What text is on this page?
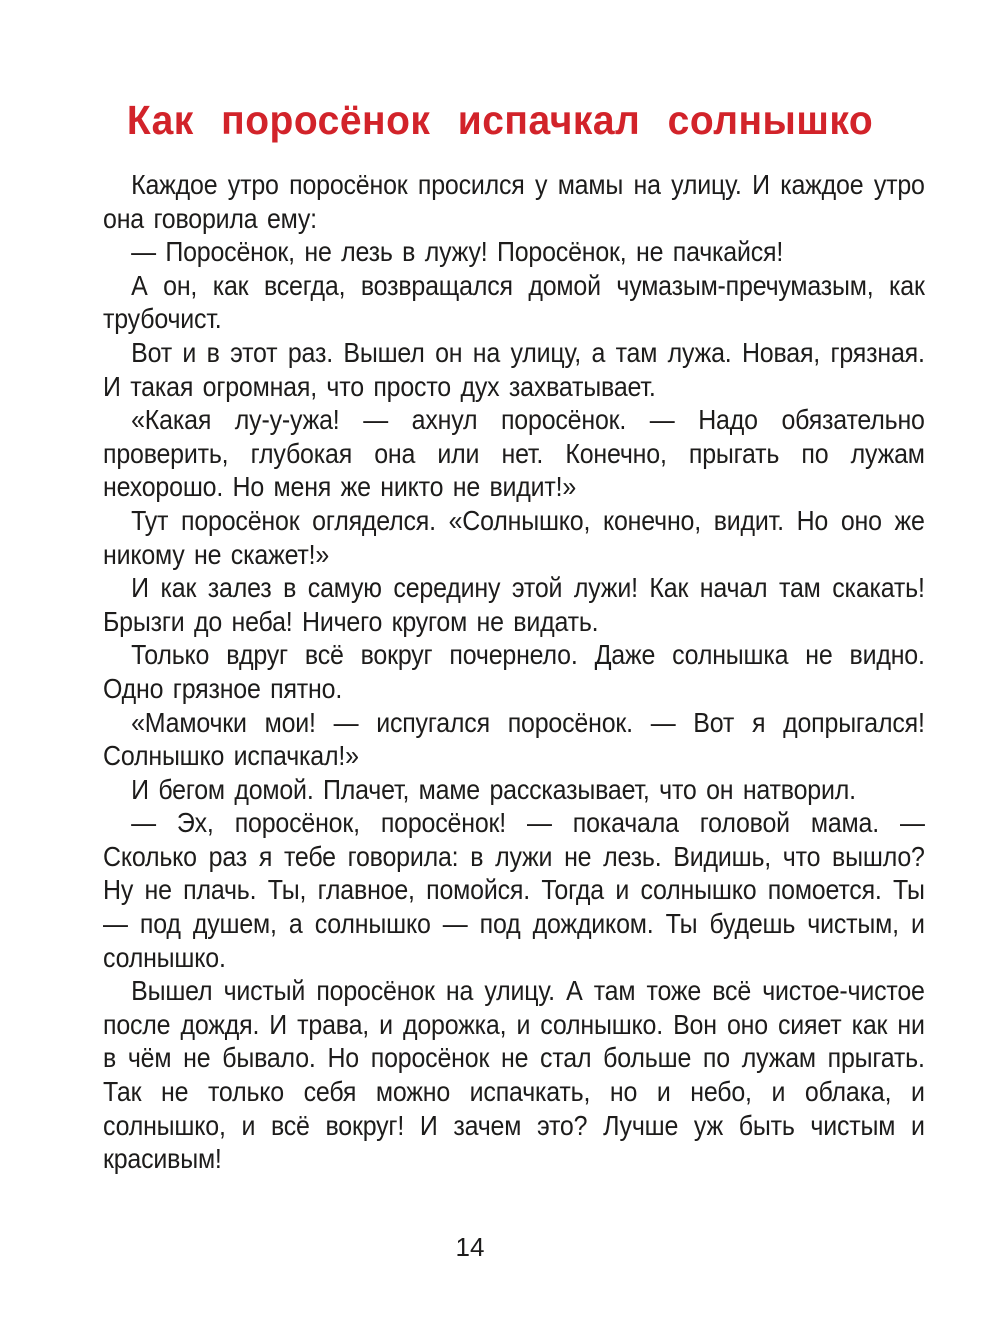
Как поросёнок испачкал солнышко

Каждое утро поросёнок просился у мамы на улицу. И каждое утро она говорила ему:

— Поросёнок, не лезь в лужу! Поросёнок, не пачкайся!

А он, как всегда, возвращался домой чумазым-пречумазым, как трубочист.

Вот и в этот раз. Вышел он на улицу, а там лужа. Новая, грязная. И такая огромная, что просто дух захватывает.

«Какая лу-у-ужа! — ахнул поросёнок. — Надо обязательно проверить, глубокая она или нет. Конечно, прыгать по лужам нехорошо. Но меня же никто не видит!»

Тут поросёнок огляделся. «Солнышко, конечно, видит. Но оно же никому не скажет!»

И как залез в самую середину этой лужи! Как начал там скакать! Брызги до неба! Ничего кругом не видать.

Только вдруг всё вокруг почернело. Даже солнышка не видно. Одно грязное пятно.

«Мамочки мои! — испугался поросёнок. — Вот я допрыгался! Солнышко испачкал!»

И бегом домой. Плачет, маме рассказывает, что он натворил.

— Эх, поросёнок, поросёнок! — покачала головой мама. — Сколько раз я тебе говорила: в лужи не лезь. Видишь, что вышло? Ну не плачь. Ты, главное, помойся. Тогда и солнышко помоется. Ты — под душем, а солнышко — под дождиком. Ты будешь чистым, и солнышко.

Вышел чистый поросёнок на улицу. А там тоже всё чистое-чистое после дождя. И трава, и дорожка, и солнышко. Вон оно сияет как ни в чём не бывало. Но поросёнок не стал больше по лужам прыгать. Так не только себя можно испачкать, но и небо, и облака, и солнышко, и всё вокруг! И зачем это? Лучше уж быть чистым и красивым!

14
